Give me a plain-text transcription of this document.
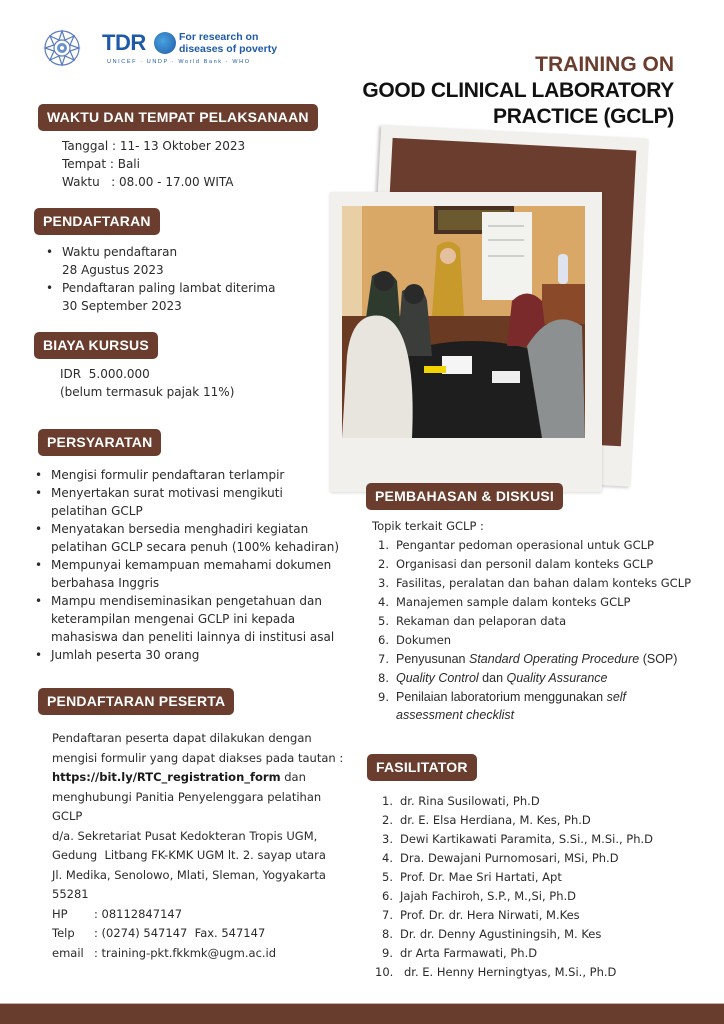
TDR	For research on
diseases of poverty
UNICEF · UNDP · World Bank · WHO	TRAINING ON
GOOD CLINICAL LABORATORY
PRACTICE (GCLP)
WAKTU DAN TEMPAT PELAKSANAAN
Tanggal : 11- 13 Oktober 2023
Tempat : Bali
Waktu   : 08.00 - 17.00 WITA
PENDAFTARAN
• Waktu pendaftaran
28 Agustus 2023
• Pendaftaran paling lambat diterima
30 September 2023
BIAYA KURSUS
IDR  5.000.000
(belum termasuk pajak 11%)
PERSYARATAN
• Mengisi formulir pendaftaran terlampir
• Menyertakan surat motivasi mengikuti
pelatihan GCLP
• Menyatakan bersedia menghadiri kegiatan
pelatihan GCLP secara penuh (100% kehadiran)
• Mempunyai kemampuan memahami dokumen
berbahasa Inggris
• Mampu mendiseminasikan pengetahuan dan
keterampilan mengenai GCLP ini kepada
mahasiswa dan peneliti lainnya di institusi asal
• Jumlah peserta 30 orang
PENDAFTARAN PESERTA
Pendaftaran peserta dapat dilakukan dengan
mengisi formulir yang dapat diakses pada tautan :
https://bit.ly/RTC_registration_form dan
menghubungi Panitia Penyelenggara pelatihan
GCLP
d/a. Sekretariat Pusat Kedokteran Tropis UGM,
Gedung  Litbang FK-KMK UGM lt. 2. sayap utara
Jl. Medika, Senolowo, Mlati, Sleman, Yogyakarta
55281
HP	: 08112847147
Telp	: (0274) 547147  Fax. 547147
email : training-pkt.fkkmk@ugm.ac.id
PEMBAHASAN & DISKUSI
Topik terkait GCLP :
1. Pengantar pedoman operasional untuk GCLP
2. Organisasi dan personil dalam konteks GCLP
3. Fasilitas, peralatan dan bahan dalam konteks GCLP
4. Manajemen sample dalam konteks GCLP
5. Rekaman dan pelaporan data
6. Dokumen
7. Penyusunan Standard Operating Procedure (SOP)
8. Quality Control dan Quality Assurance
9. Penilaian laboratorium menggunakan self
assessment checklist
FASILITATOR
1. dr. Rina Susilowati, Ph.D
2. dr. E. Elsa Herdiana, M. Kes, Ph.D
3. Dewi Kartikawati Paramita, S.Si., M.Si., Ph.D
4. Dra. Dewajani Purnomosari, MSi, Ph.D
5. Prof. Dr. Mae Sri Hartati, Apt
6. Jajah Fachiroh, S.P., M.,Si, Ph.D
7. Prof. Dr. dr. Hera Nirwati, M.Kes
8. Dr. dr. Denny Agustiningsih, M. Kes
9. dr Arta Farmawati, Ph.D
10. dr. E. Henny Herningtyas, M.Si., Ph.D
